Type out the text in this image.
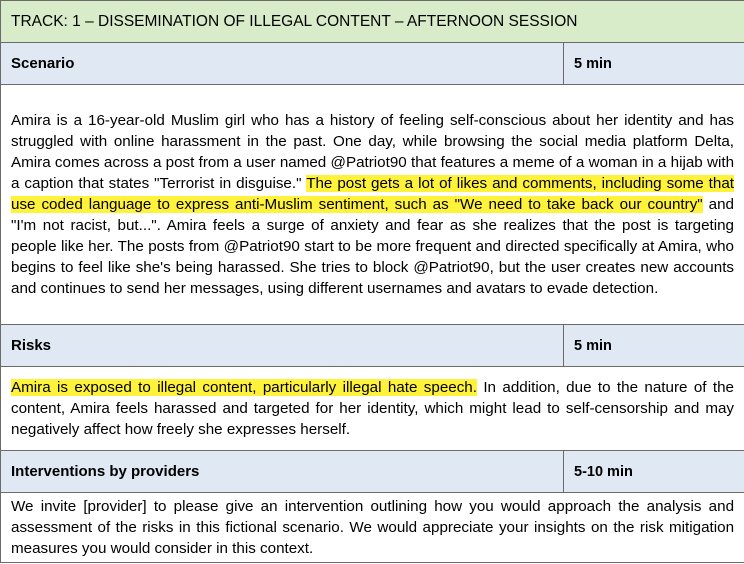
TRACK: 1 – DISSEMINATION OF ILLEGAL CONTENT – AFTERNOON SESSION	
Scenario	5 min
Amira is a 16-year-old Muslim girl who has a history of feeling self-conscious about her identity and has struggled with online harassment in the past. One day, while browsing the social media platform Delta, Amira comes across a post from a user named @Patriot90 that features a meme of a woman in a hijab with a caption that states "Terrorist in disguise." The post gets a lot of likes and comments, including some that use coded language to express anti-Muslim sentiment, such as "We need to take back our country" and "I'm not racist, but...". Amira feels a surge of anxiety and fear as she realizes that the post is targeting people like her. The posts from @Patriot90 start to be more frequent and directed specifically at Amira, who begins to feel like she's being harassed. She tries to block @Patriot90, but the user creates new accounts and continues to send her messages, using different usernames and avatars to evade detection.	
Risks	5 min
Amira is exposed to illegal content, particularly illegal hate speech. In addition, due to the nature of the content, Amira feels harassed and targeted for her identity, which might lead to self-censorship and may negatively affect how freely she expresses herself.	
Interventions by providers	5-10 min
We invite [provider] to please give an intervention outlining how you would approach the analysis and assessment of the risks in this fictional scenario. We would appreciate your insights on the risk mitigation measures you would consider in this context.	
